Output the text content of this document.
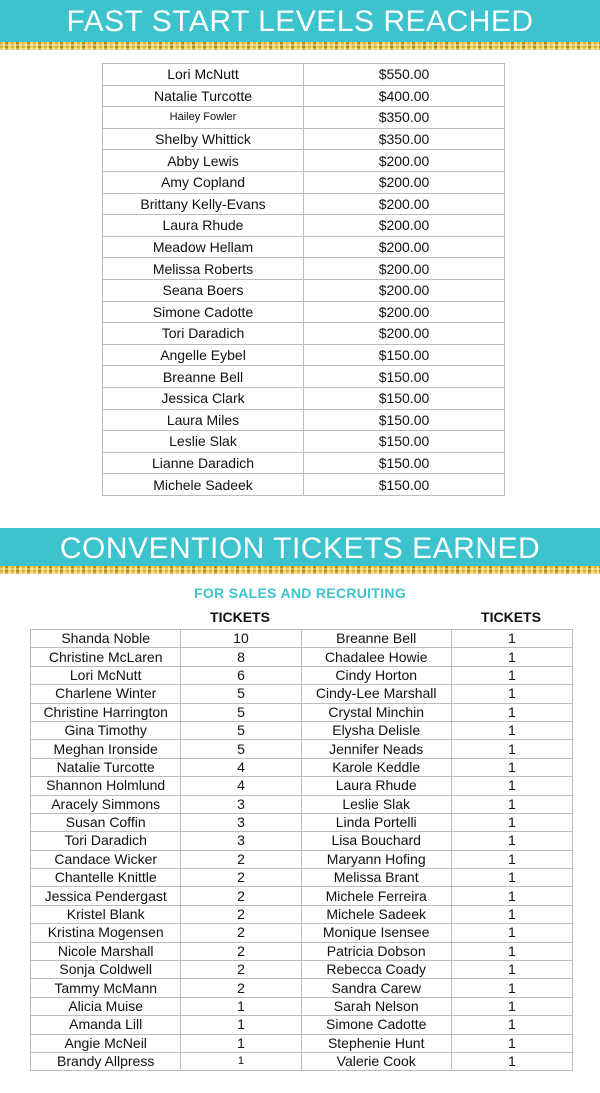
FAST START LEVELS REACHED
Lori McNutt	$550.00
Natalie Turcotte	$400.00
Hailey Fowler	$350.00
Shelby Whittick	$350.00
Abby Lewis	$200.00
Amy Copland	$200.00
Brittany Kelly-Evans	$200.00
Laura Rhude	$200.00
Meadow Hellam	$200.00
Melissa Roberts	$200.00
Seana Boers	$200.00
Simone Cadotte	$200.00
Tori Daradich	$200.00
Angelle Eybel	$150.00
Breanne Bell	$150.00
Jessica Clark	$150.00
Laura Miles	$150.00
Leslie Slak	$150.00
Lianne Daradich	$150.00
Michele Sadeek	$150.00
CONVENTION TICKETS EARNED
FOR SALES AND RECRUITING
TICKETS	TICKETS
Shanda Noble	10	Breanne Bell	1
Christine McLaren	8	Chadalee Howie	1
Lori McNutt	6	Cindy Horton	1
Charlene Winter	5	Cindy-Lee Marshall	1
Christine Harrington	5	Crystal Minchin	1
Gina Timothy	5	Elysha Delisle	1
Meghan Ironside	5	Jennifer Neads	1
Natalie Turcotte	4	Karole Keddle	1
Shannon Holmlund	4	Laura Rhude	1
Aracely Simmons	3	Leslie Slak	1
Susan Coffin	3	Linda Portelli	1
Tori Daradich	3	Lisa Bouchard	1
Candace Wicker	2	Maryann Hofing	1
Chantelle Knittle	2	Melissa Brant	1
Jessica Pendergast	2	Michele Ferreira	1
Kristel Blank	2	Michele Sadeek	1
Kristina Mogensen	2	Monique Isensee	1
Nicole Marshall	2	Patricia Dobson	1
Sonja Coldwell	2	Rebecca Coady	1
Tammy McMann	2	Sandra Carew	1
Alicia Muise	1	Sarah Nelson	1
Amanda Lill	1	Simone Cadotte	1
Angie McNeil	1	Stephenie Hunt	1
Brandy Allpress	1	Valerie Cook	1
